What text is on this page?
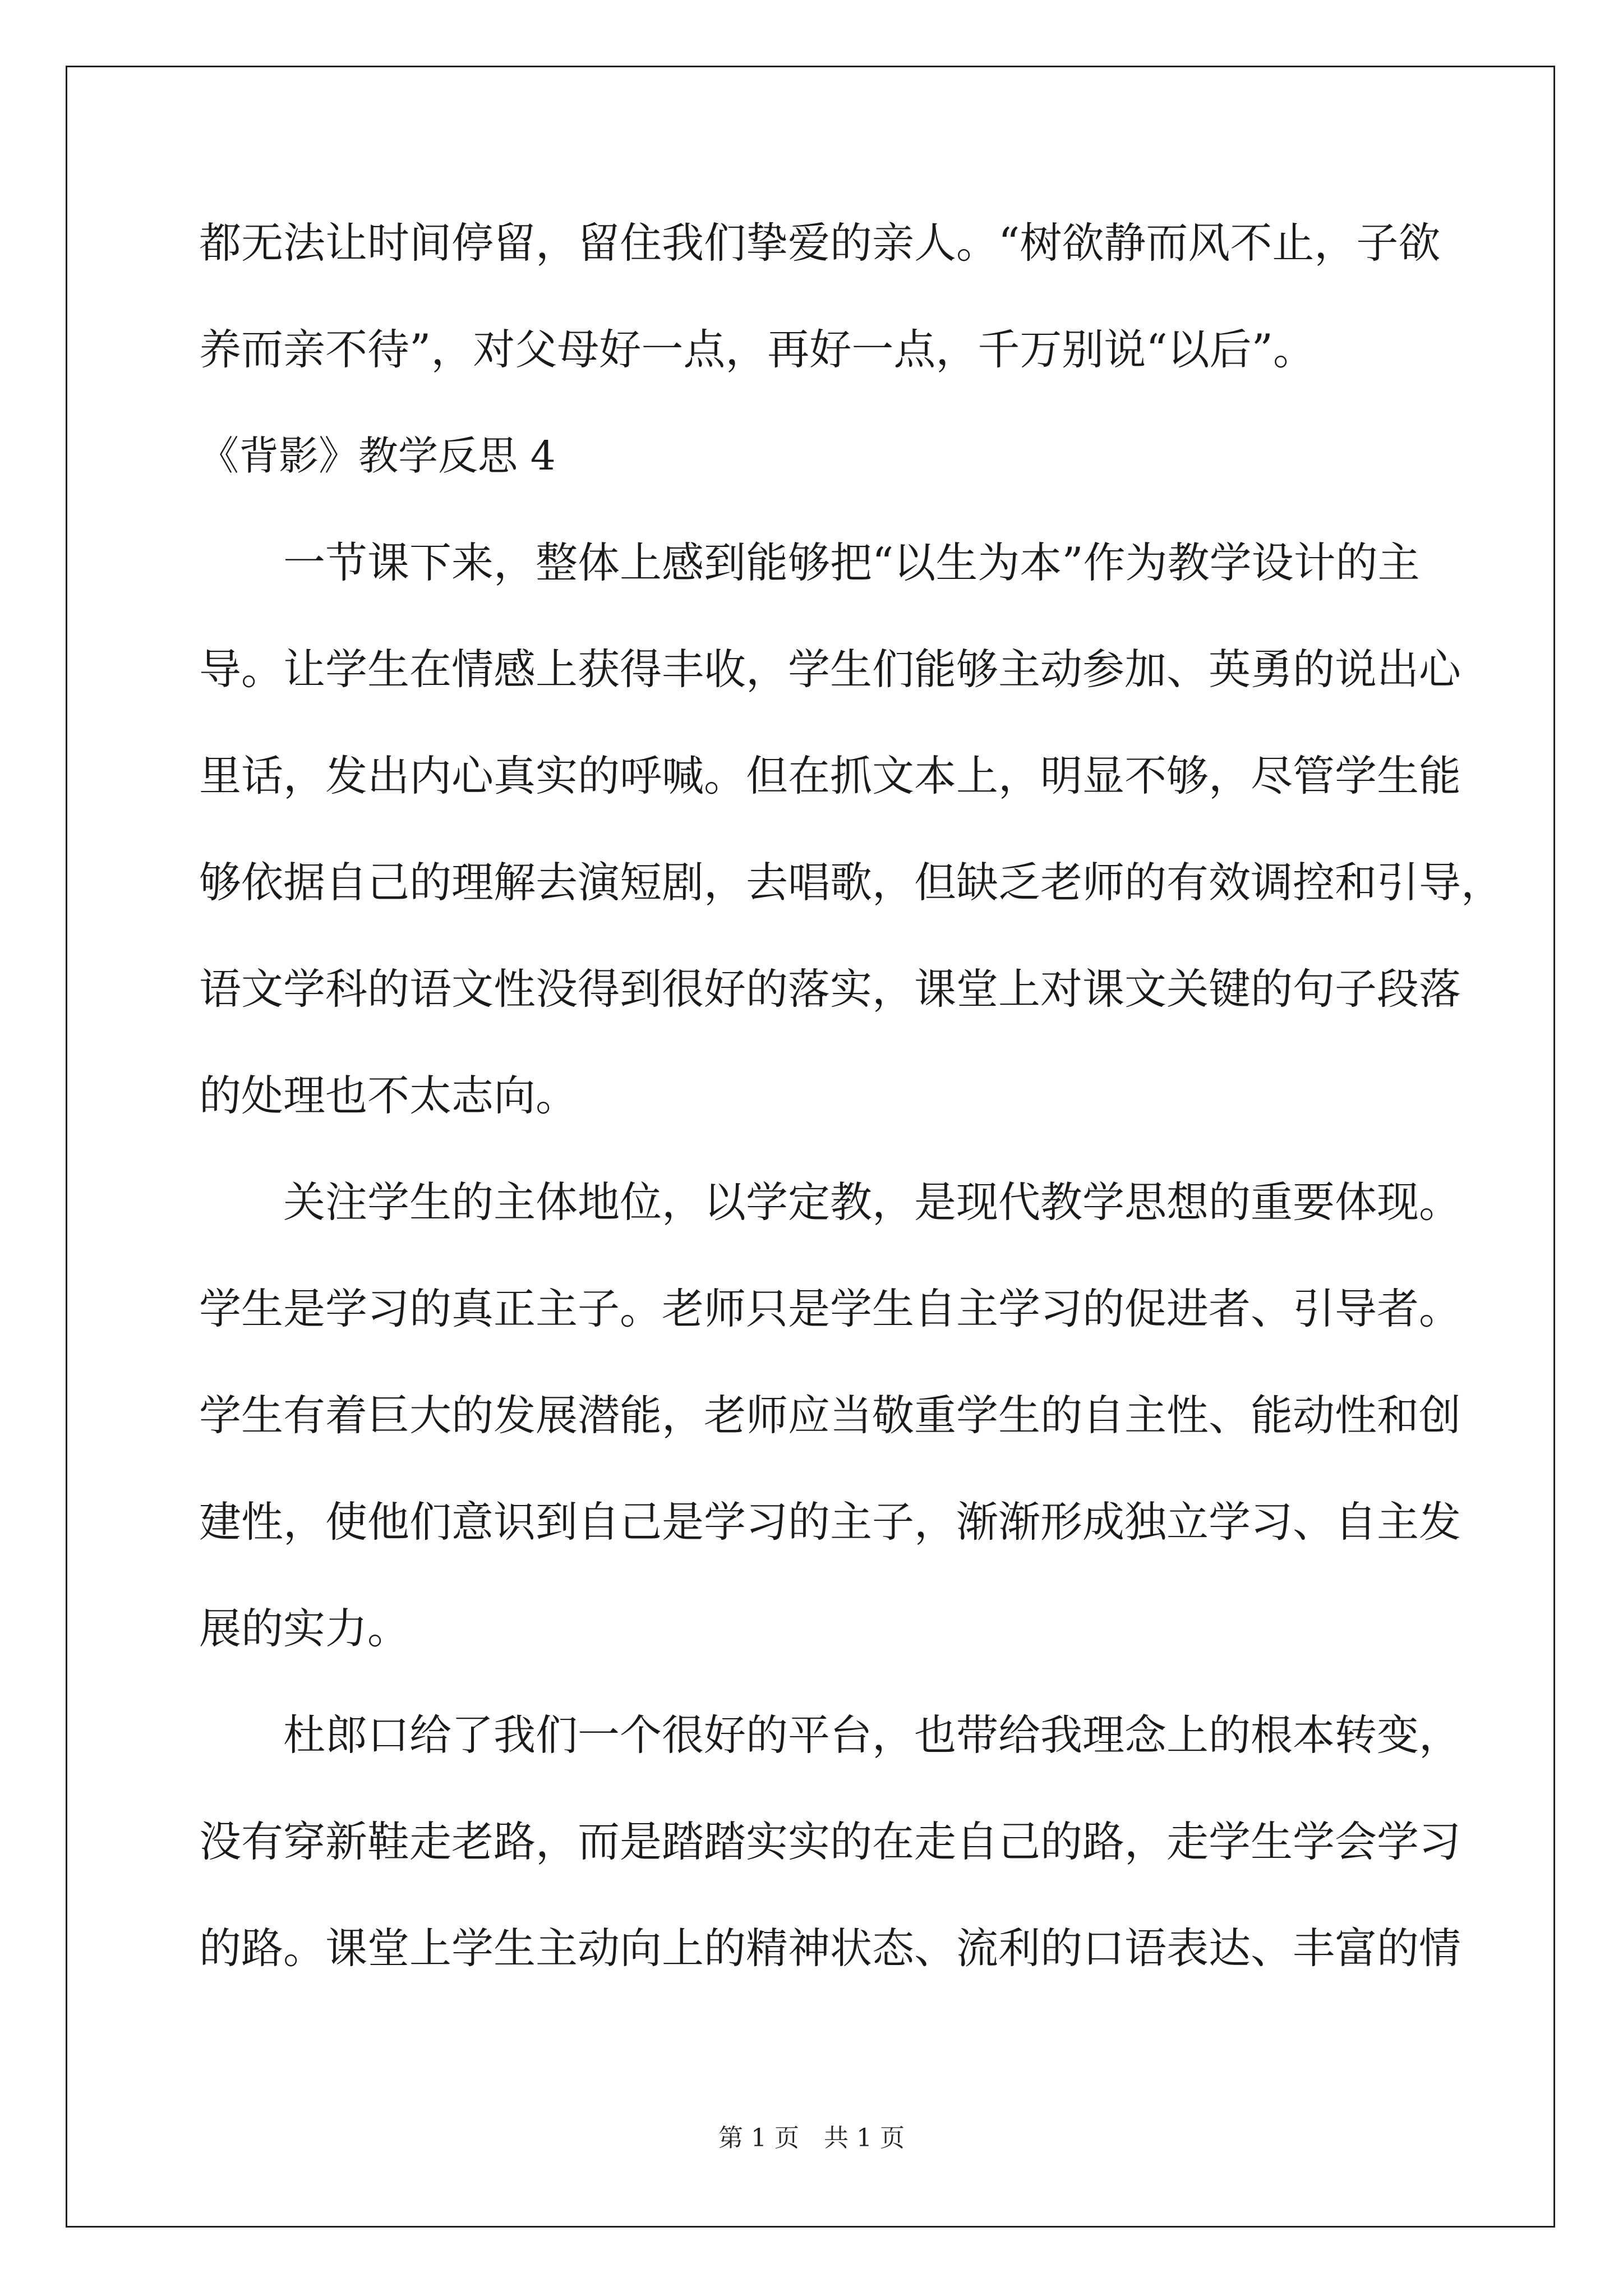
都无法让时间停留，留住我们挚爱的亲人。“树欲静而风不止，子欲
养而亲不待”，对父母好一点，再好一点，千万别说“以后”。
《背影》教学反思 4
一节课下来，整体上感到能够把“以生为本”作为教学设计的主
导。让学生在情感上获得丰收，学生们能够主动参加、英勇的说出心
里话，发出内心真实的呼喊。但在抓文本上，明显不够，尽管学生能
够依据自己的理解去演短剧，去唱歌，但缺乏老师的有效调控和引导，
语文学科的语文性没得到很好的落实，课堂上对课文关键的句子段落
的处理也不太志向。
关注学生的主体地位，以学定教，是现代教学思想的重要体现。
学生是学习的真正主子。老师只是学生自主学习的促进者、引导者。
学生有着巨大的发展潜能，老师应当敬重学生的自主性、能动性和创
建性，使他们意识到自己是学习的主子，渐渐形成独立学习、自主发
展的实力。
杜郎口给了我们一个很好的平台，也带给我理念上的根本转变，
没有穿新鞋走老路，而是踏踏实实的在走自己的路，走学生学会学习
的路。课堂上学生主动向上的精神状态、流利的口语表达、丰富的情
第 1 页　共 1 页
